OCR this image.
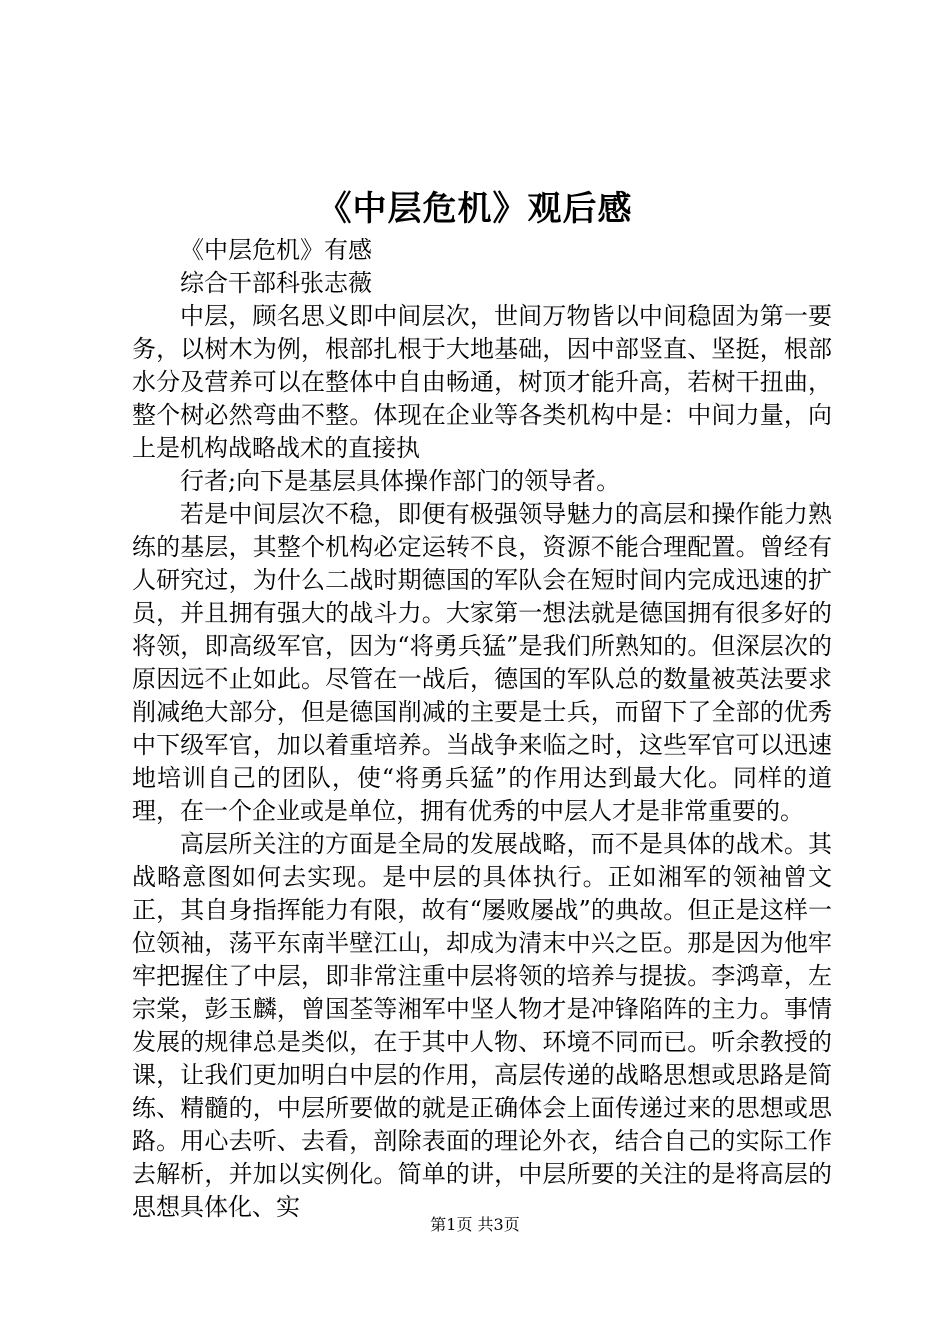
《中层危机》观后感

《中层危机》有感

综合干部科张志薇

中层，顾名思义即中间层次，世间万物皆以中间稳固为第一要务，以树木为例，根部扎根于大地基础，因中部竖直、坚挺，根部水分及营养可以在整体中自由畅通，树顶才能升高，若树干扭曲，整个树必然弯曲不整。体现在企业等各类机构中是：中间力量，向上是机构战略战术的直接执

行者;向下是基层具体操作部门的领导者。

若是中间层次不稳，即便有极强领导魅力的高层和操作能力熟练的基层，其整个机构必定运转不良，资源不能合理配置。曾经有人研究过，为什么二战时期德国的军队会在短时间内完成迅速的扩员，并且拥有强大的战斗力。大家第一想法就是德国拥有很多好的将领，即高级军官，因为“将勇兵猛”是我们所熟知的。但深层次的原因远不止如此。尽管在一战后，德国的军队总的数量被英法要求削减绝大部分，但是德国削减的主要是士兵，而留下了全部的优秀中下级军官，加以着重培养。当战争来临之时，这些军官可以迅速地培训自己的团队，使“将勇兵猛”的作用达到最大化。同样的道理，在一个企业或是单位，拥有优秀的中层人才是非常重要的。

高层所关注的方面是全局的发展战略，而不是具体的战术。其战略意图如何去实现。是中层的具体执行。正如湘军的领袖曾文正，其自身指挥能力有限，故有“屡败屡战”的典故。但正是这样一位领袖，荡平东南半壁江山，却成为清末中兴之臣。那是因为他牢牢把握住了中层，即非常注重中层将领的培养与提拔。李鸿章，左宗棠，彭玉麟，曾国荃等湘军中坚人物才是冲锋陷阵的主力。事情发展的规律总是类似，在于其中人物、环境不同而已。听余教授的课，让我们更加明白中层的作用，高层传递的战略思想或思路是简练、精髓的，中层所要做的就是正确体会上面传递过来的思想或思路。用心去听、去看，剖除表面的理论外衣，结合自己的实际工作去解析，并加以实例化。简单的讲，中层所要的关注的是将高层的思想具体化、实

第1页 共3页
